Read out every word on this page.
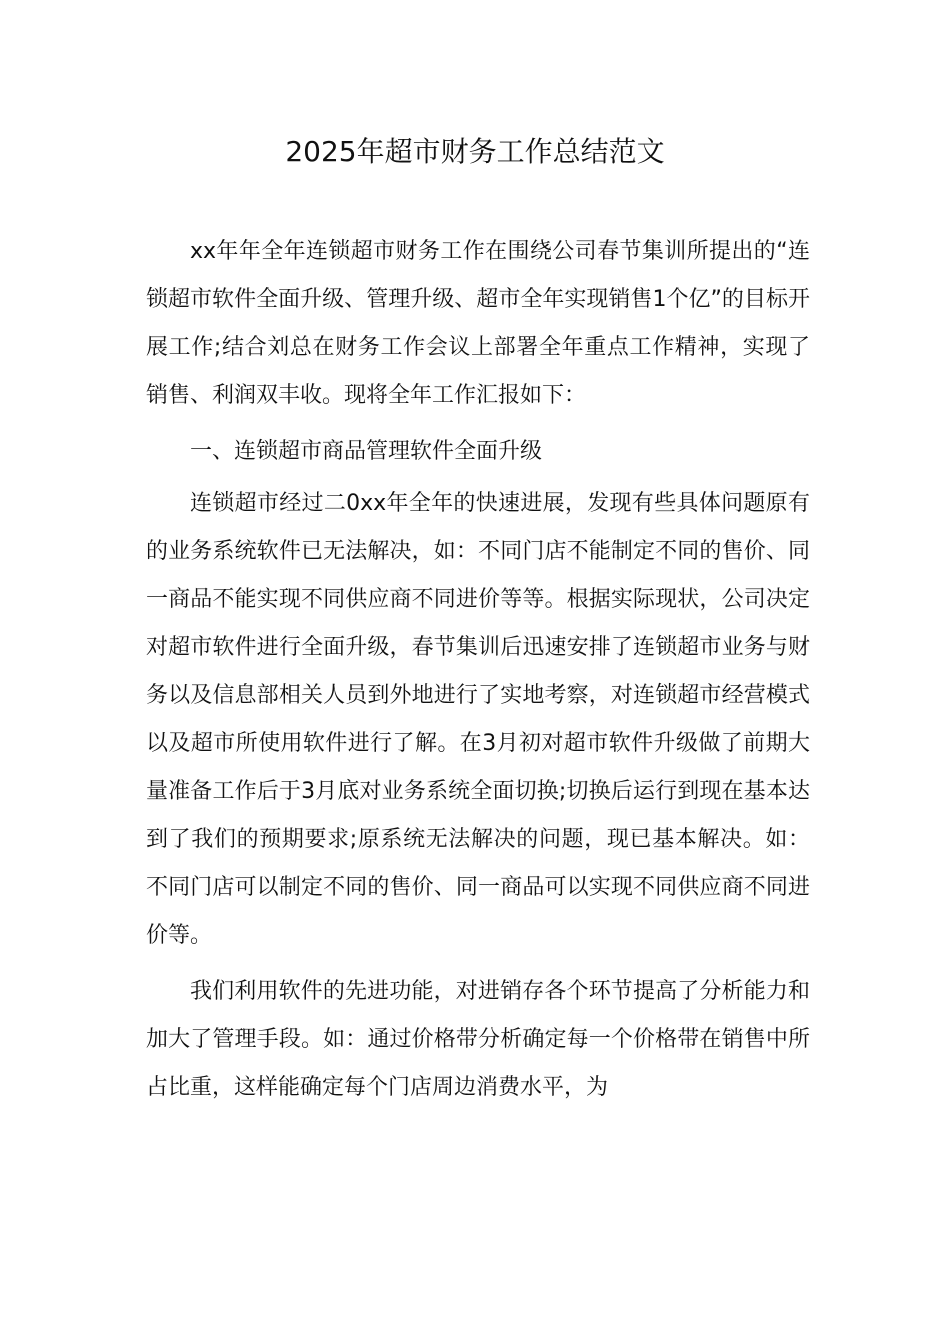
2025年超市财务工作总结范文

xx年年全年连锁超市财务工作在围绕公司春节集训所提出的“连锁超市软件全面升级、管理升级、超市全年实现销售1个亿”的目标开展工作;结合刘总在财务工作会议上部署全年重点工作精神，实现了销售、利润双丰收。现将全年工作汇报如下：

一、连锁超市商品管理软件全面升级

连锁超市经过二0xx年全年的快速进展，发现有些具体问题原有的业务系统软件已无法解决，如：不同门店不能制定不同的售价、同一商品不能实现不同供应商不同进价等等。根据实际现状，公司决定对超市软件进行全面升级，春节集训后迅速安排了连锁超市业务与财务以及信息部相关人员到外地进行了实地考察，对连锁超市经营模式以及超市所使用软件进行了解。在3月初对超市软件升级做了前期大量准备工作后于3月底对业务系统全面切换;切换后运行到现在基本达到了我们的预期要求;原系统无法解决的问题，现已基本解决。如：不同门店可以制定不同的售价、同一商品可以实现不同供应商不同进价等。

我们利用软件的先进功能，对进销存各个环节提高了分析能力和加大了管理手段。如：通过价格带分析确定每一个价格带在销售中所占比重，这样能确定每个门店周边消费水平，为
